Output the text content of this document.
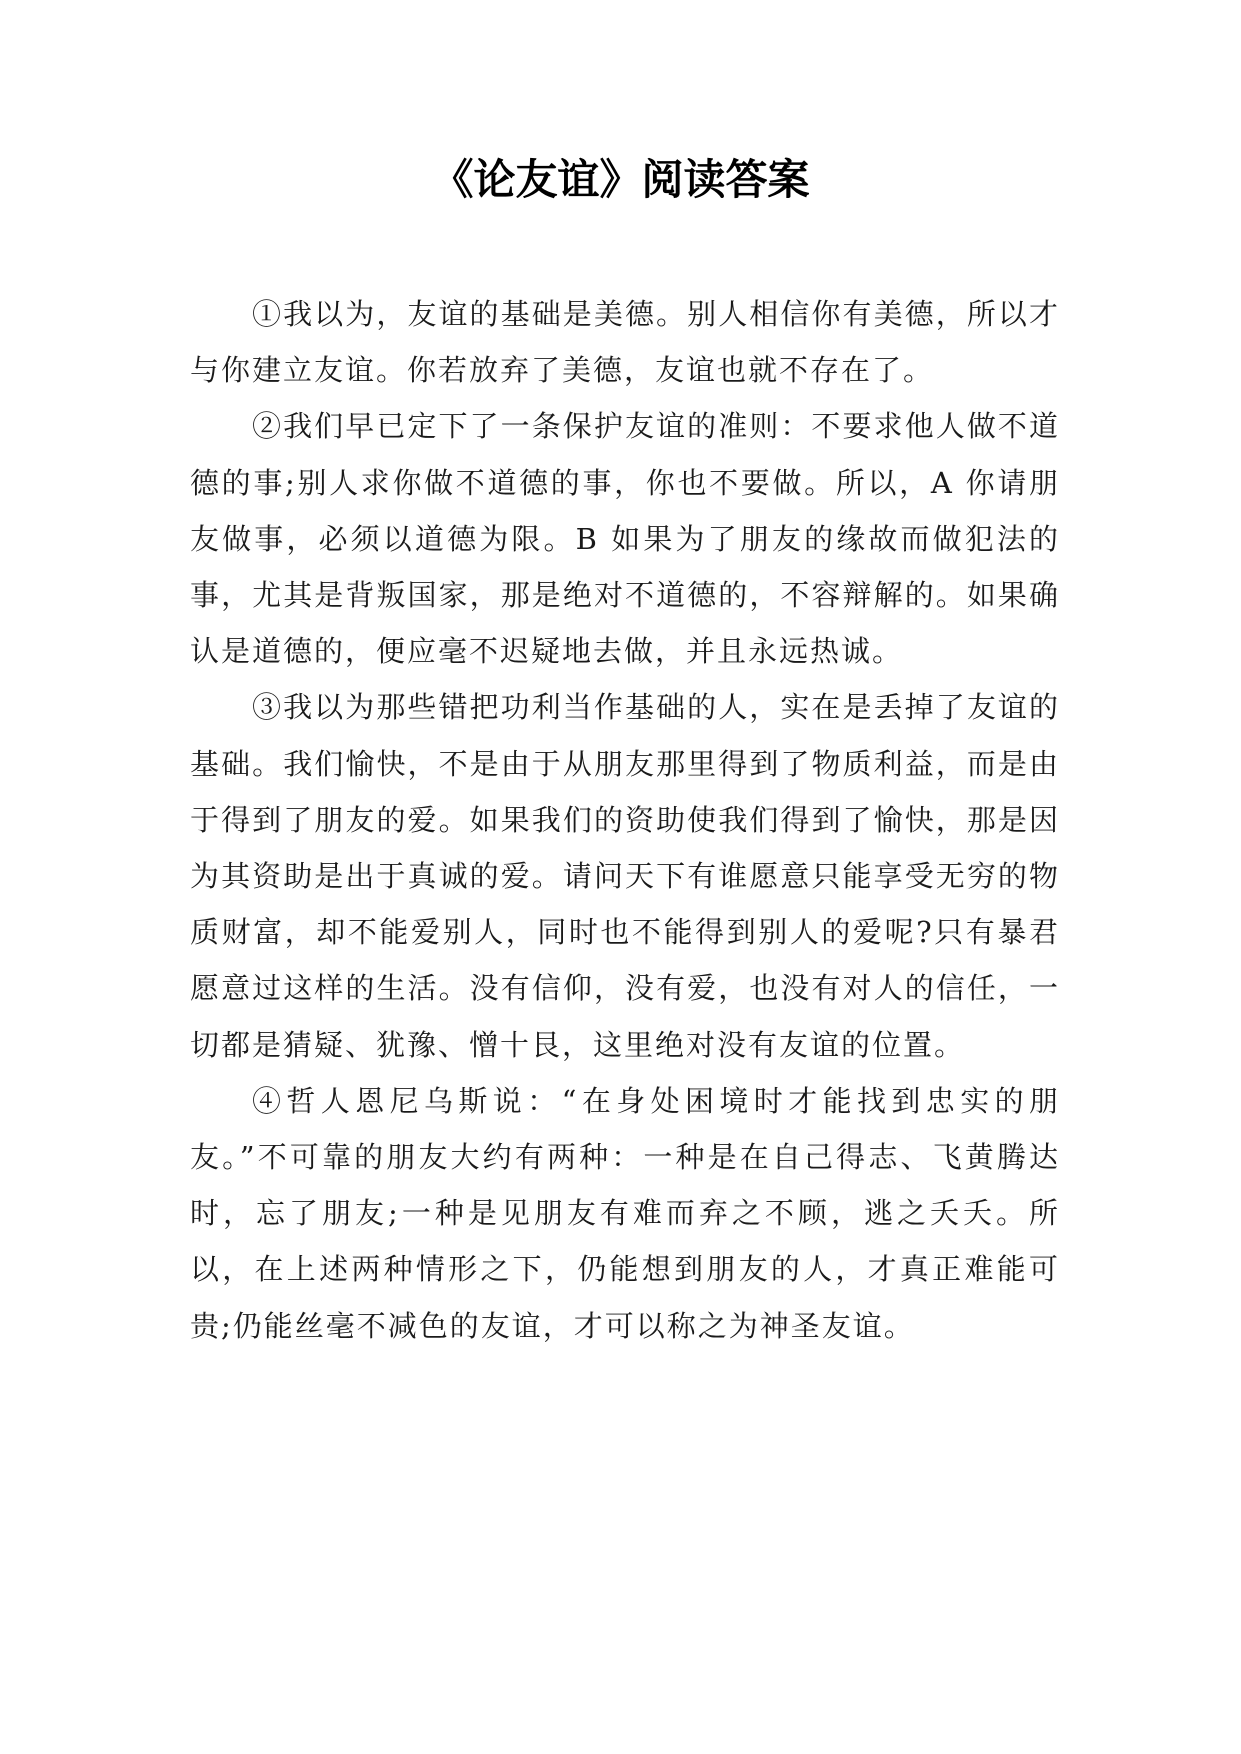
《论友谊》阅读答案

①我以为，友谊的基础是美德。别人相信你有美德，所以才与你建立友谊。你若放弃了美德，友谊也就不存在了。

②我们早已定下了一条保护友谊的准则：不要求他人做不道德的事;别人求你做不道德的事，你也不要做。所以，A 你请朋友做事，必须以道德为限。B 如果为了朋友的缘故而做犯法的事，尤其是背叛国家，那是绝对不道德的，不容辩解的。如果确认是道德的，便应毫不迟疑地去做，并且永远热诚。

③我以为那些错把功利当作基础的人，实在是丢掉了友谊的基础。我们愉快，不是由于从朋友那里得到了物质利益，而是由于得到了朋友的爱。如果我们的资助使我们得到了愉快，那是因为其资助是出于真诚的爱。请问天下有谁愿意只能享受无穷的物质财富，却不能爱别人，同时也不能得到别人的爱呢?只有暴君愿意过这样的生活。没有信仰，没有爱，也没有对人的信任，一切都是猜疑、犹豫、憎十艮，这里绝对没有友谊的位置。

④哲人恩尼乌斯说：“在身处困境时才能找到忠实的朋友。”不可靠的朋友大约有两种：一种是在自己得志、飞黄腾达时，忘了朋友;一种是见朋友有难而弃之不顾，逃之夭夭。所以，在上述两种情形之下，仍能想到朋友的人，才真正难能可贵;仍能丝毫不减色的友谊，才可以称之为神圣友谊。
